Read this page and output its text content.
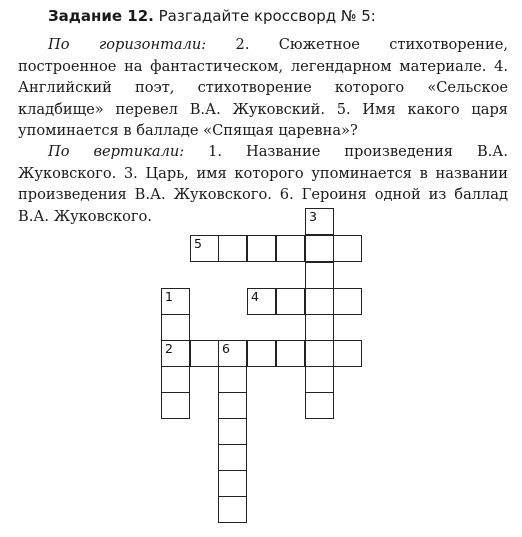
Задание 12. Разгадайте кроссворд № 5:
По горизонтали: 2. Сюжетное стихотворение, построенное на фантастическом, легендарном материале. 4. Английский поэт, стихотворение которого «Сельское кладбище» перевел В.А. Жуковский. 5. Имя какого царя упоминается в балладе «Спящая царевна»?
По вертикали: 1. Название произведения В.А. Жуковского. 3. Царь, имя которого упоминается в названии произведения В.А. Жуковского. 6. Героиня одной из баллад В.А. Жуковского.	3
5
1
2
4
6
